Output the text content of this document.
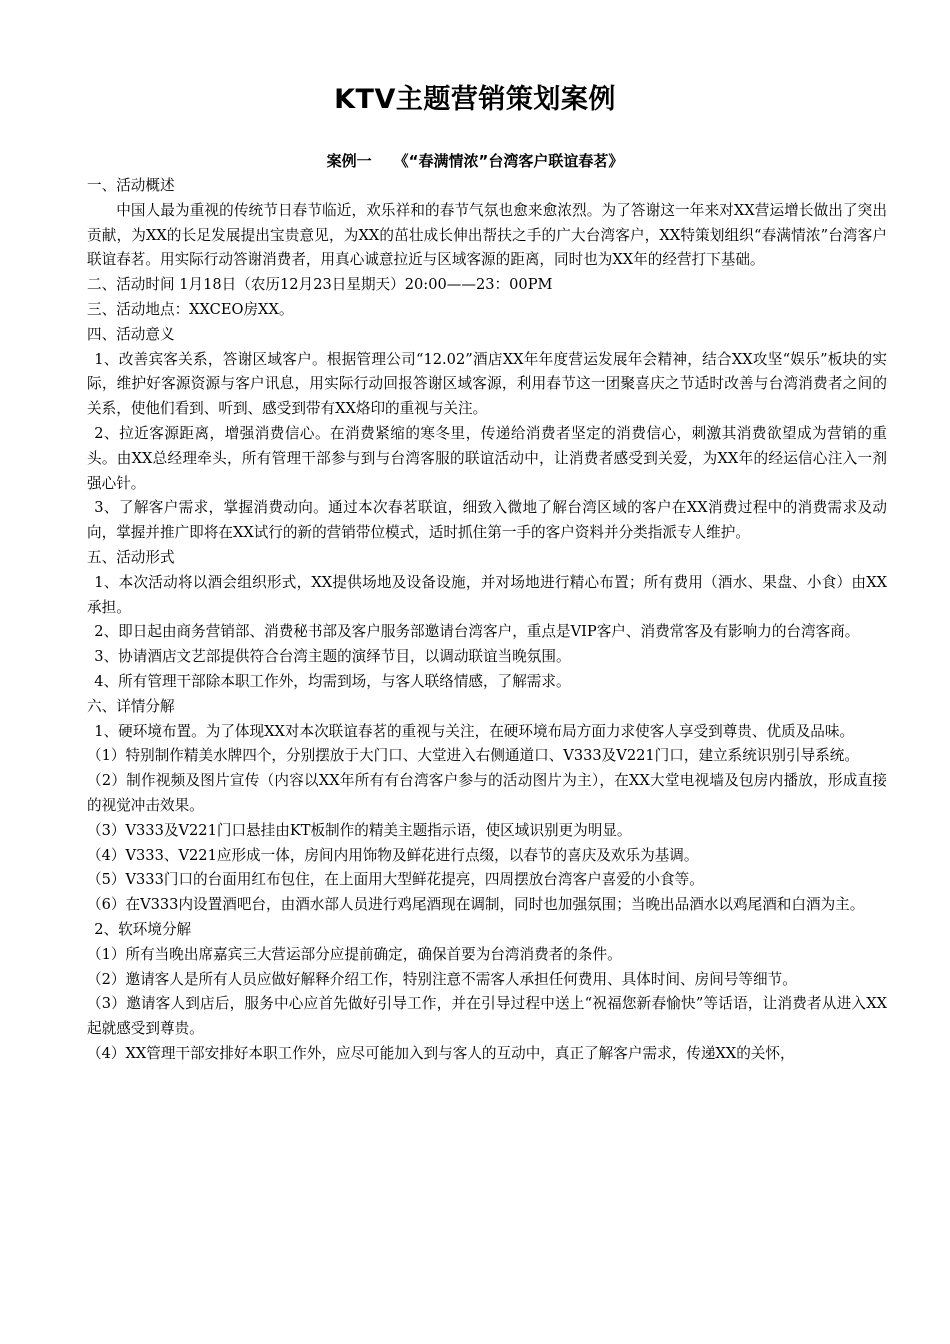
KTV主题营销策划案例
案例一 《“春满情浓”台湾客户联谊春茗》

一、活动概述

中国人最为重视的传统节日春节临近，欢乐祥和的春节气氛也愈来愈浓烈。为了答谢这一年来对XX营运增长做出了突出贡献，为XX的长足发展提出宝贵意见，为XX的茁壮成长伸出帮扶之手的广大台湾客户，XX特策划组织“春满情浓”台湾客户联谊春茗。用实际行动答谢消费者，用真心诚意拉近与区域客源的距离，同时也为XX年的经营打下基础。

二、活动时间 1月18日（农历12月23日星期天）20:00——23：00PM

三、活动地点：XXCEO房XX。

四、活动意义

1、改善宾客关系，答谢区域客户。根据管理公司“12.02”酒店XX年年度营运发展年会精神，结合XX攻坚“娱乐”板块的实际，维护好客源资源与客户讯息，用实际行动回报答谢区域客源，利用春节这一团聚喜庆之节适时改善与台湾消费者之间的关系，使他们看到、听到、感受到带有XX烙印的重视与关注。

2、拉近客源距离，增强消费信心。在消费紧缩的寒冬里，传递给消费者坚定的消费信心，刺激其消费欲望成为营销的重头。由XX总经理牵头，所有管理干部参与到与台湾客服的联谊活动中，让消费者感受到关爱，为XX年的经运信心注入一剂强心针。

3、了解客户需求，掌握消费动向。通过本次春茗联谊，细致入微地了解台湾区域的客户在XX消费过程中的消费需求及动向，掌握并推广即将在XX试行的新的营销带位模式，适时抓住第一手的客户资料并分类指派专人维护。

五、活动形式

1、本次活动将以酒会组织形式，XX提供场地及设备设施，并对场地进行精心布置；所有费用（酒水、果盘、小食）由XX承担。

2、即日起由商务营销部、消费秘书部及客户服务部邀请台湾客户，重点是VIP客户、消费常客及有影响力的台湾客商。

3、协请酒店文艺部提供符合台湾主题的演绎节目，以调动联谊当晚氛围。

4、所有管理干部除本职工作外，均需到场，与客人联络情感，了解需求。

六、详情分解

1、硬环境布置。为了体现XX对本次联谊春茗的重视与关注，在硬环境布局方面力求使客人享受到尊贵、优质及品味。

（1）特别制作精美水牌四个，分别摆放于大门口、大堂进入右侧通道口、V333及V221门口，建立系统识别引导系统。

（2）制作视频及图片宣传（内容以XX年所有有台湾客户参与的活动图片为主），在XX大堂电视墙及包房内播放，形成直接的视觉冲击效果。

（3）V333及V221门口悬挂由KT板制作的精美主题指示语，使区域识别更为明显。

（4）V333、V221应形成一体，房间内用饰物及鲜花进行点缀，以春节的喜庆及欢乐为基调。

（5）V333门口的台面用红布包住，在上面用大型鲜花提亮，四周摆放台湾客户喜爱的小食等。

（6）在V333内设置酒吧台，由酒水部人员进行鸡尾酒现在调制，同时也加强氛围；当晚出品酒水以鸡尾酒和白酒为主。

2、软环境分解

（1）所有当晚出席嘉宾三大营运部分应提前确定，确保首要为台湾消费者的条件。

（2）邀请客人是所有人员应做好解释介绍工作，特别注意不需客人承担任何费用、具体时间、房间号等细节。

（3）邀请客人到店后，服务中心应首先做好引导工作，并在引导过程中送上“祝福您新春愉快”等话语，让消费者从进入XX起就感受到尊贵。

（4）XX管理干部安排好本职工作外，应尽可能加入到与客人的互动中，真正了解客户需求，传递XX的关怀，
